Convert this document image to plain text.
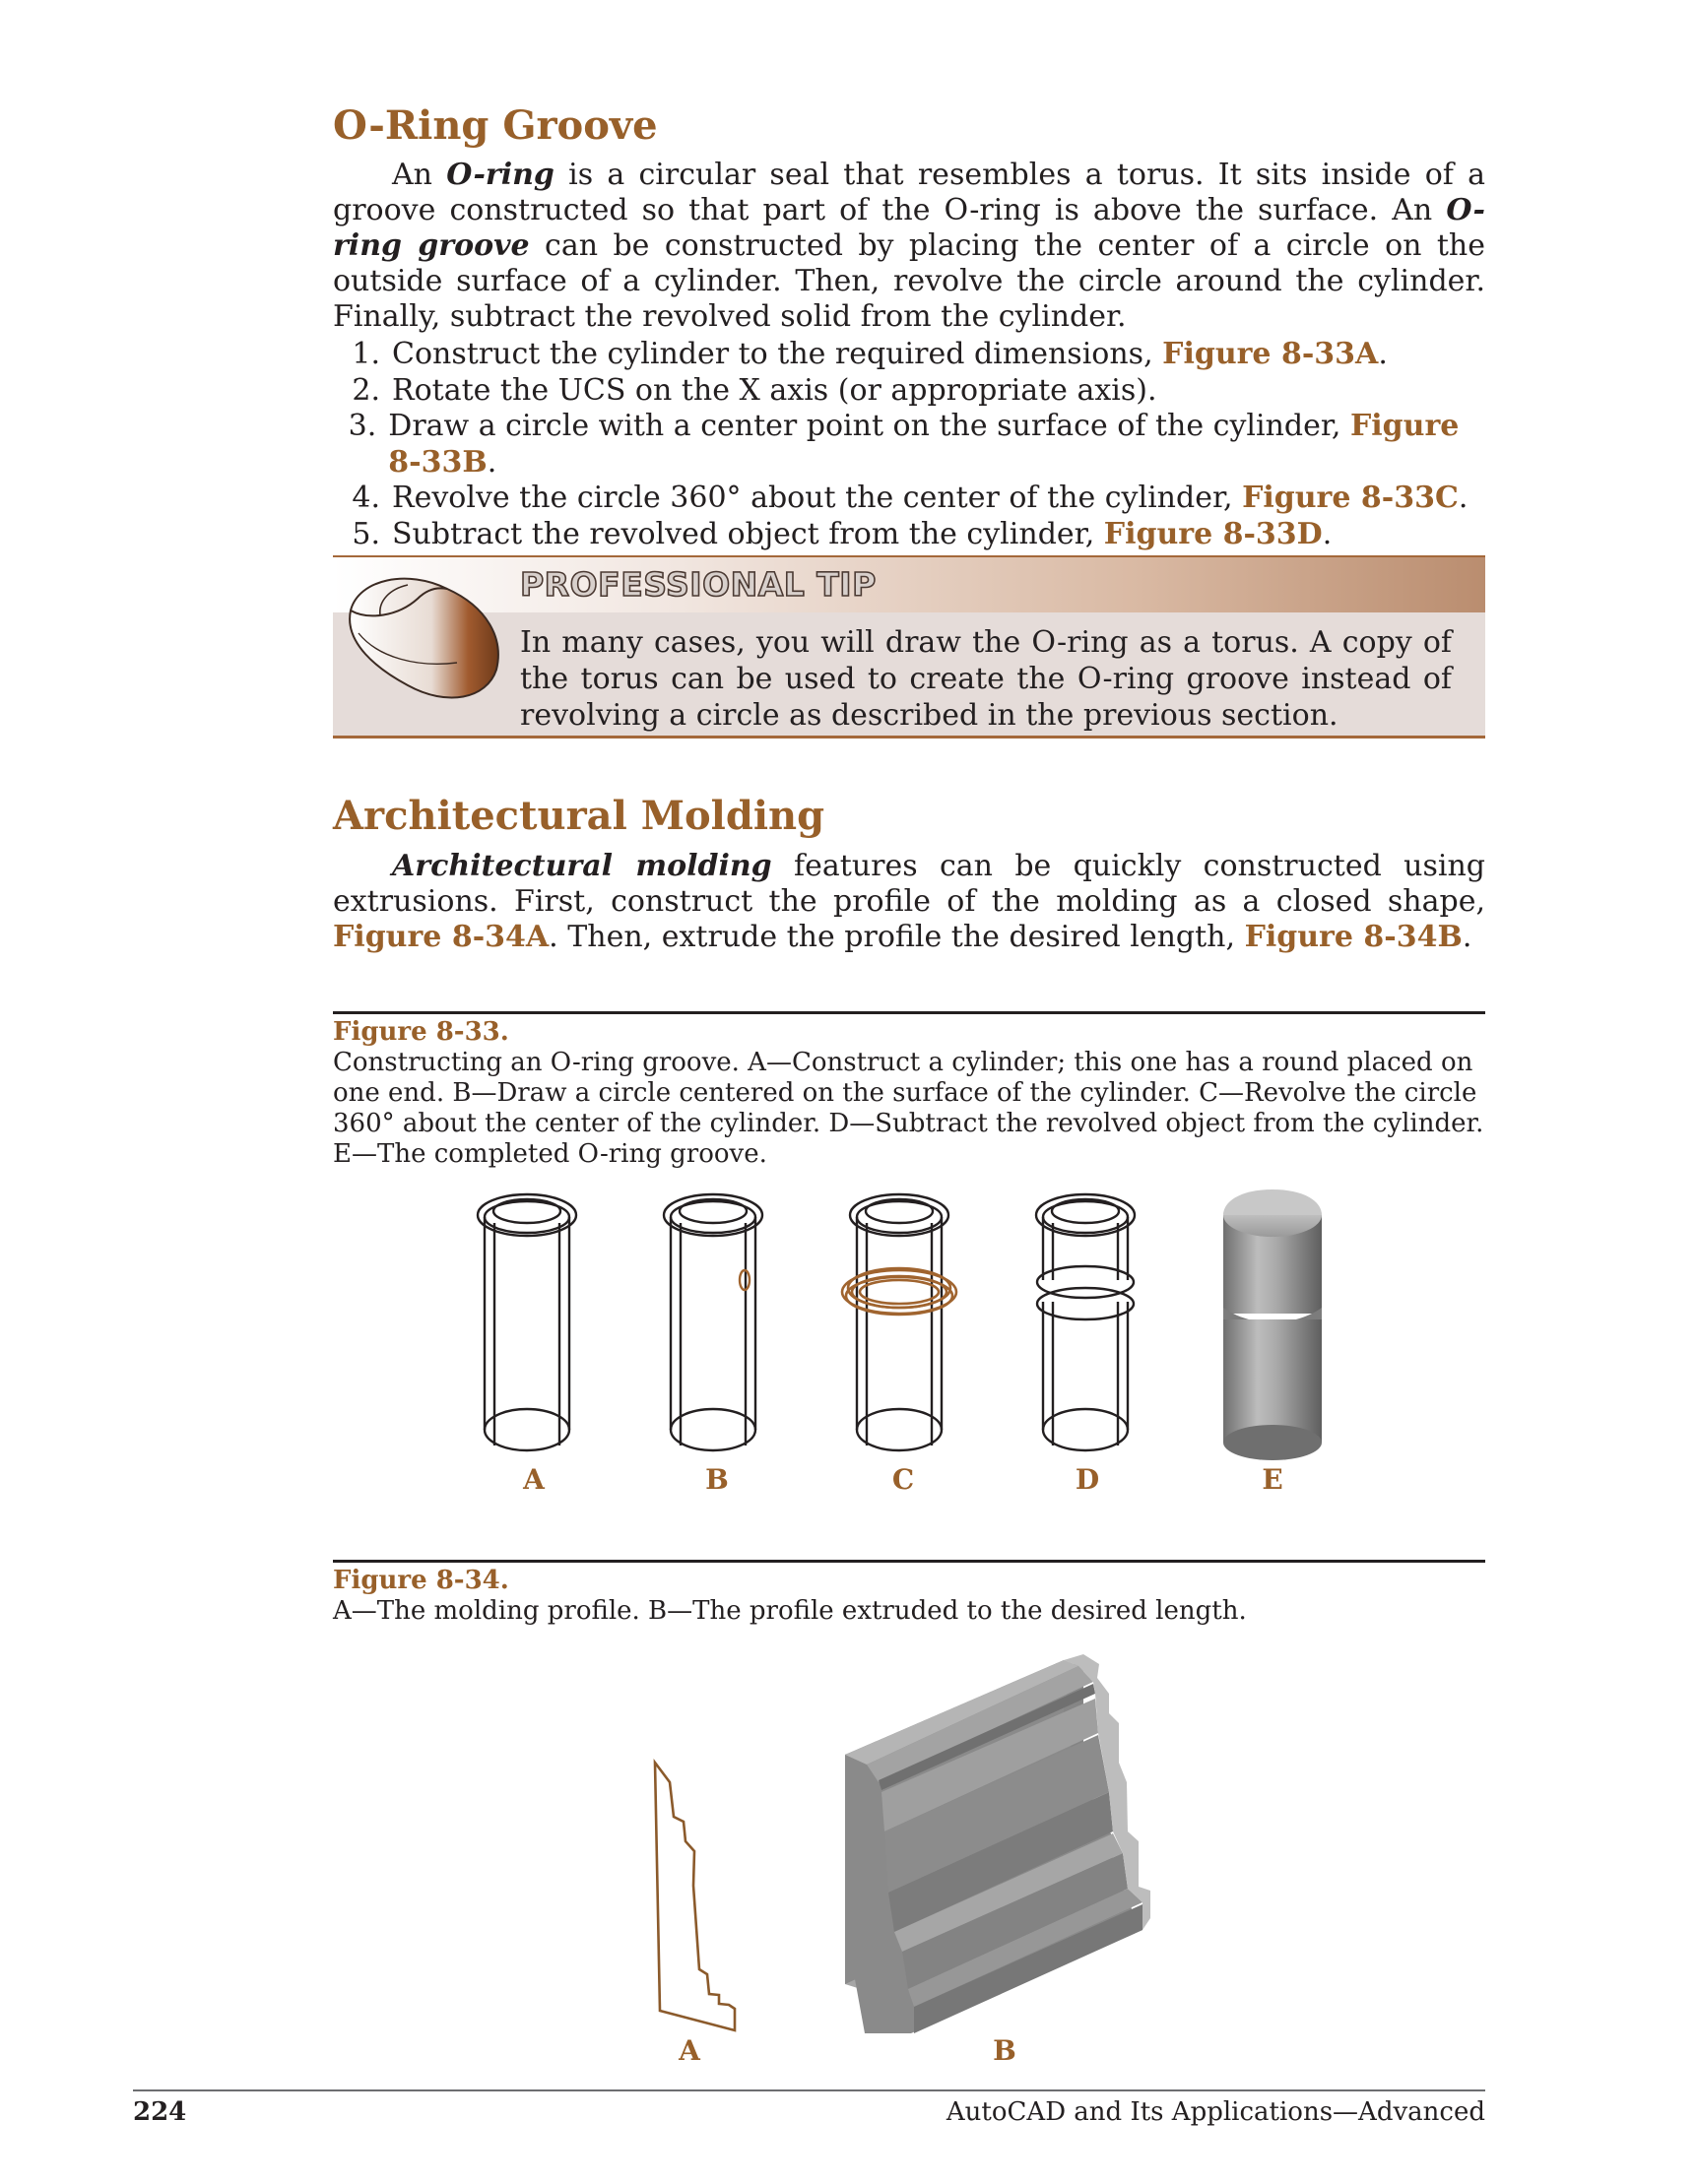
O-Ring Groove
An O-ring is a circular seal that resembles a torus. It sits inside of a groove constructed so that part of the O-ring is above the surface. An O-ring groove can be constructed by placing the center of a circle on the outside surface of a cylinder. Then, revolve the circle around the cylinder. Finally, subtract the revolved solid from the cylinder.
1. Construct the cylinder to the required dimensions, Figure 8-33A.
2. Rotate the UCS on the X axis (or appropriate axis).
3. Draw a circle with a center point on the surface of the cylinder, Figure 8-33B.
4. Revolve the circle 360° about the center of the cylinder, Figure 8-33C.
5. Subtract the revolved object from the cylinder, Figure 8-33D.
PROFESSIONAL TIP
In many cases, you will draw the O-ring as a torus. A copy of the torus can be used to create the O-ring groove instead of revolving a circle as described in the previous section.
Architectural Molding
Architectural molding features can be quickly constructed using extrusions. First, construct the profile of the molding as a closed shape, Figure 8-34A. Then, extrude the profile the desired length, Figure 8-34B.
Figure 8-33.
Constructing an O-ring groove. A—Construct a cylinder; this one has a round placed on one end. B—Draw a circle centered on the surface of the cylinder. C—Revolve the circle 360° about the center of the cylinder. D—Subtract the revolved object from the cylinder. E—The completed O-ring groove.
A	B	C	D	E
Figure 8-34.
A—The molding profile. B—The profile extruded to the desired length.
A	B
224	AutoCAD and Its Applications—Advanced
